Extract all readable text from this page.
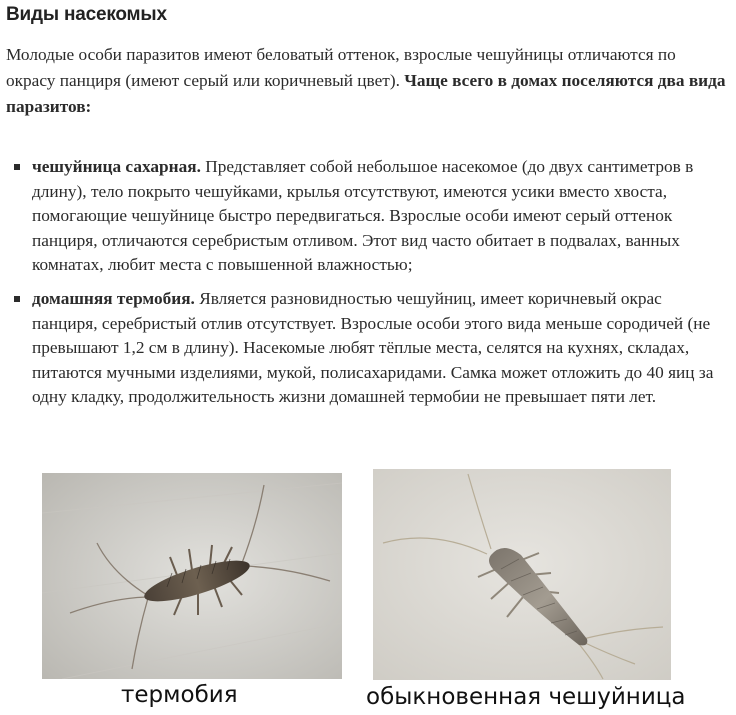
Виды насекомых

Молодые особи паразитов имеют беловатый оттенок, взрослые чешуйницы отличаются по окрасу панциря (имеют серый или коричневый цвет). Чаще всего в домах поселяются два вида паразитов:

чешуйница сахарная. Представляет собой небольшое насекомое (до двух сантиметров в длину), тело покрыто чешуйками, крылья отсутствуют, имеются усики вместо хвоста, помогающие чешуйнице быстро передвигаться. Взрослые особи имеют серый оттенок панциря, отличаются серебристым отливом. Этот вид часто обитает в подвалах, ванных комнатах, любит места с повышенной влажностью;
домашняя термобия. Является разновидностью чешуйниц, имеет коричневый окрас панциря, серебристый отлив отсутствует. Взрослые особи этого вида меньше сородичей (не превышают 1,2 см в длину). Насекомые любят тёплые места, селятся на кухнях, складах, питаются мучными изделиями, мукой, полисахаридами. Самка может отложить до 40 яиц за одну кладку, продолжительность жизни домашней термобии не превышает пяти лет.
термобия	обыкновенная чешуйница
